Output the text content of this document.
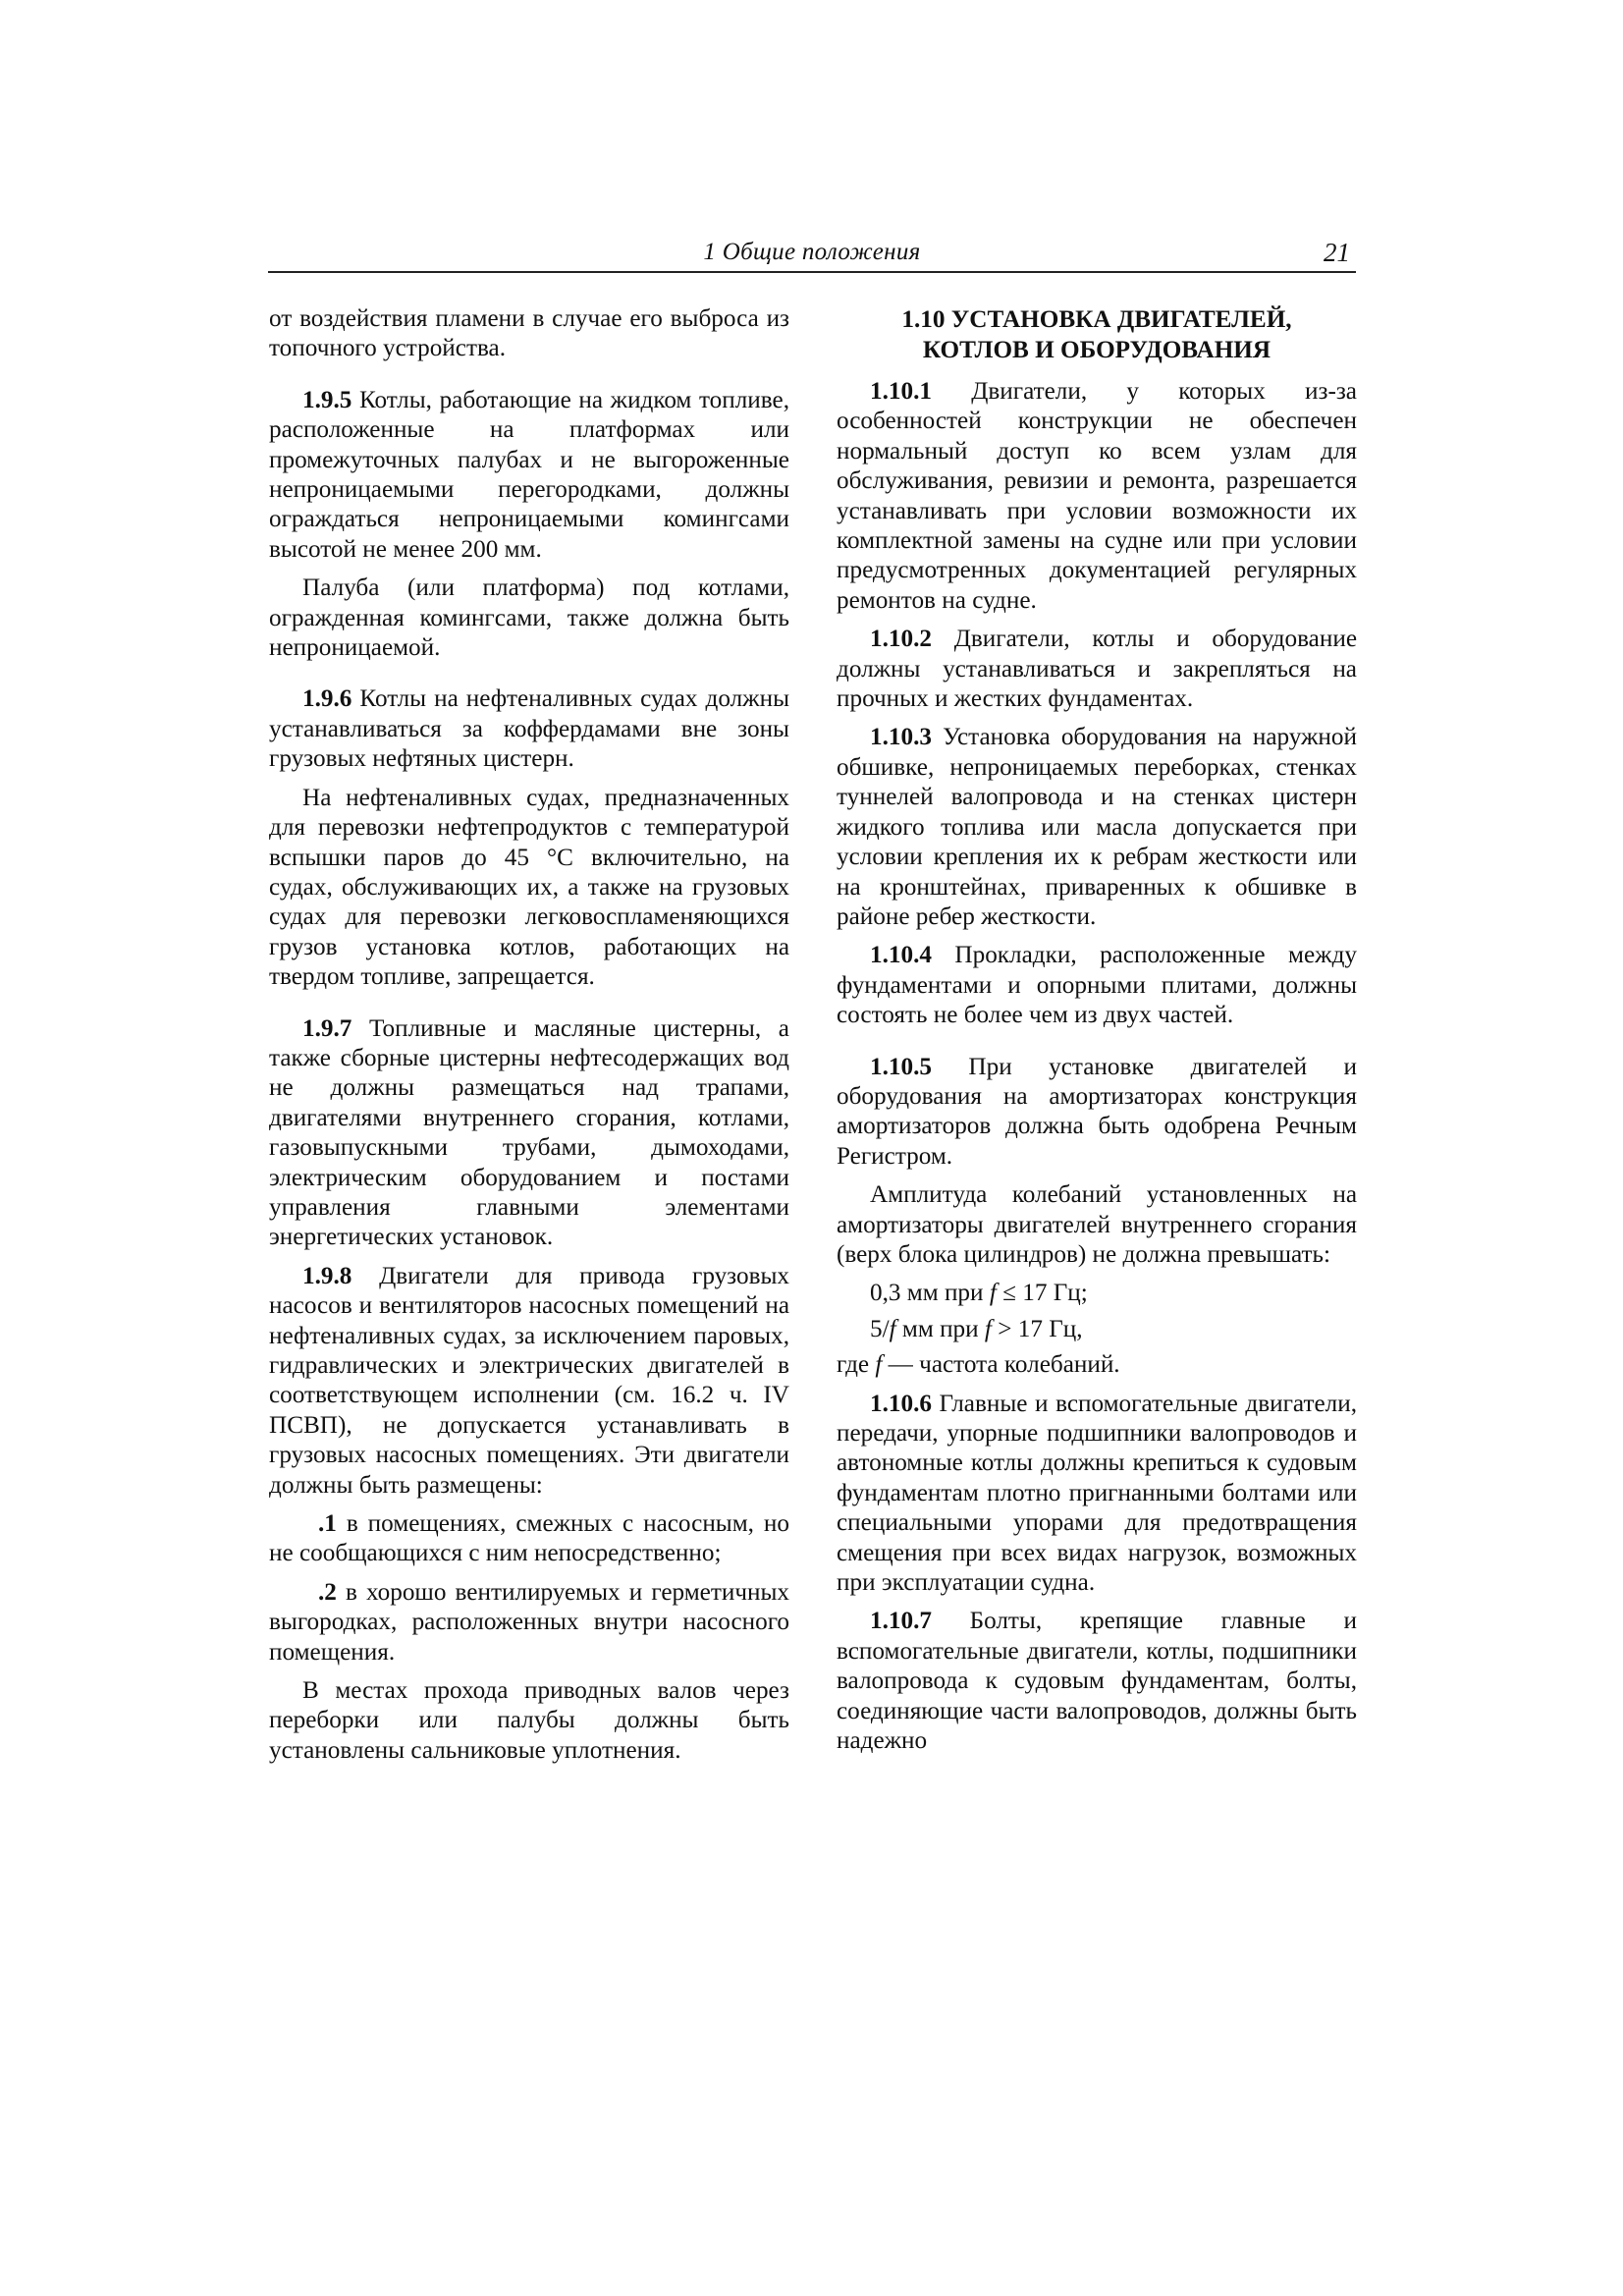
1 Общие положения	21

от воздействия пламени в случае его выброса из топочного устройства.

1.9.5 Котлы, работающие на жидком топливе, расположенные на платформах или промежуточных палубах и не выгороженные непроницаемыми перегородками, должны ограждаться непроницаемыми комингсами высотой не менее 200 мм.

Палуба (или платформа) под котлами, огражденная комингсами, также должна быть непроницаемой.

1.9.6 Котлы на нефтеналивных судах должны устанавливаться за коффердамами вне зоны грузовых нефтяных цистерн.

На нефтеналивных судах, предназначенных для перевозки нефтепродуктов с температурой вспышки паров до 45 °C включительно, на судах, обслуживающих их, а также на грузовых судах для перевозки легковоспламеняющихся грузов установка котлов, работающих на твердом топливе, запрещается.

1.9.7 Топливные и масляные цистерны, а также сборные цистерны нефтесодержащих вод не должны размещаться над трапами, двигателями внутреннего сгорания, котлами, газовыпускными трубами, дымоходами, электрическим оборудованием и постами управления главными элементами энергетических установок.

1.9.8 Двигатели для привода грузовых насосов и вентиляторов насосных помещений на нефтеналивных судах, за исключением паровых, гидравлических и электрических двигателей в соответствующем исполнении (см. 16.2 ч. IV ПСВП), не допускается устанавливать в грузовых насосных помещениях. Эти двигатели должны быть размещены:

.1 в помещениях, смежных с насосным, но не сообщающихся с ним непосредственно;

.2 в хорошо вентилируемых и герметичных выгородках, расположенных внутри насосного помещения.

В местах прохода приводных валов через переборки или палубы должны быть установлены сальниковые уплотнения.

1.10 УСТАНОВКА ДВИГАТЕЛЕЙ,
КОТЛОВ И ОБОРУДОВАНИЯ

1.10.1 Двигатели, у которых из-за особенностей конструкции не обеспечен нормальный доступ ко всем узлам для обслуживания, ревизии и ремонта, разрешается устанавливать при условии возможности их комплектной замены на судне или при условии предусмотренных документацией регулярных ремонтов на судне.

1.10.2 Двигатели, котлы и оборудование должны устанавливаться и закрепляться на прочных и жестких фундаментах.

1.10.3 Установка оборудования на наружной обшивке, непроницаемых переборках, стенках туннелей валопровода и на стенках цистерн жидкого топлива или масла допускается при условии крепления их к ребрам жесткости или на кронштейнах, приваренных к обшивке в районе ребер жесткости.

1.10.4 Прокладки, расположенные между фундаментами и опорными плитами, должны состоять не более чем из двух частей.

1.10.5 При установке двигателей и оборудования на амортизаторах конструкция амортизаторов должна быть одобрена Речным Регистром.

Амплитуда колебаний установленных на амортизаторы двигателей внутреннего сгорания (верх блока цилиндров) не должна превышать:

0,3 мм при f ≤ 17 Гц;

5/f мм при f > 17 Гц,

где f — частота колебаний.

1.10.6 Главные и вспомогательные двигатели, передачи, упорные подшипники валопроводов и автономные котлы должны крепиться к судовым фундаментам плотно пригнанными болтами или специальными упорами для предотвращения смещения при всех видах нагрузок, возможных при эксплуатации судна.

1.10.7 Болты, крепящие главные и вспомогательные двигатели, котлы, подшипники валопровода к судовым фундаментам, болты, соединяющие части валопроводов, должны быть надежно
